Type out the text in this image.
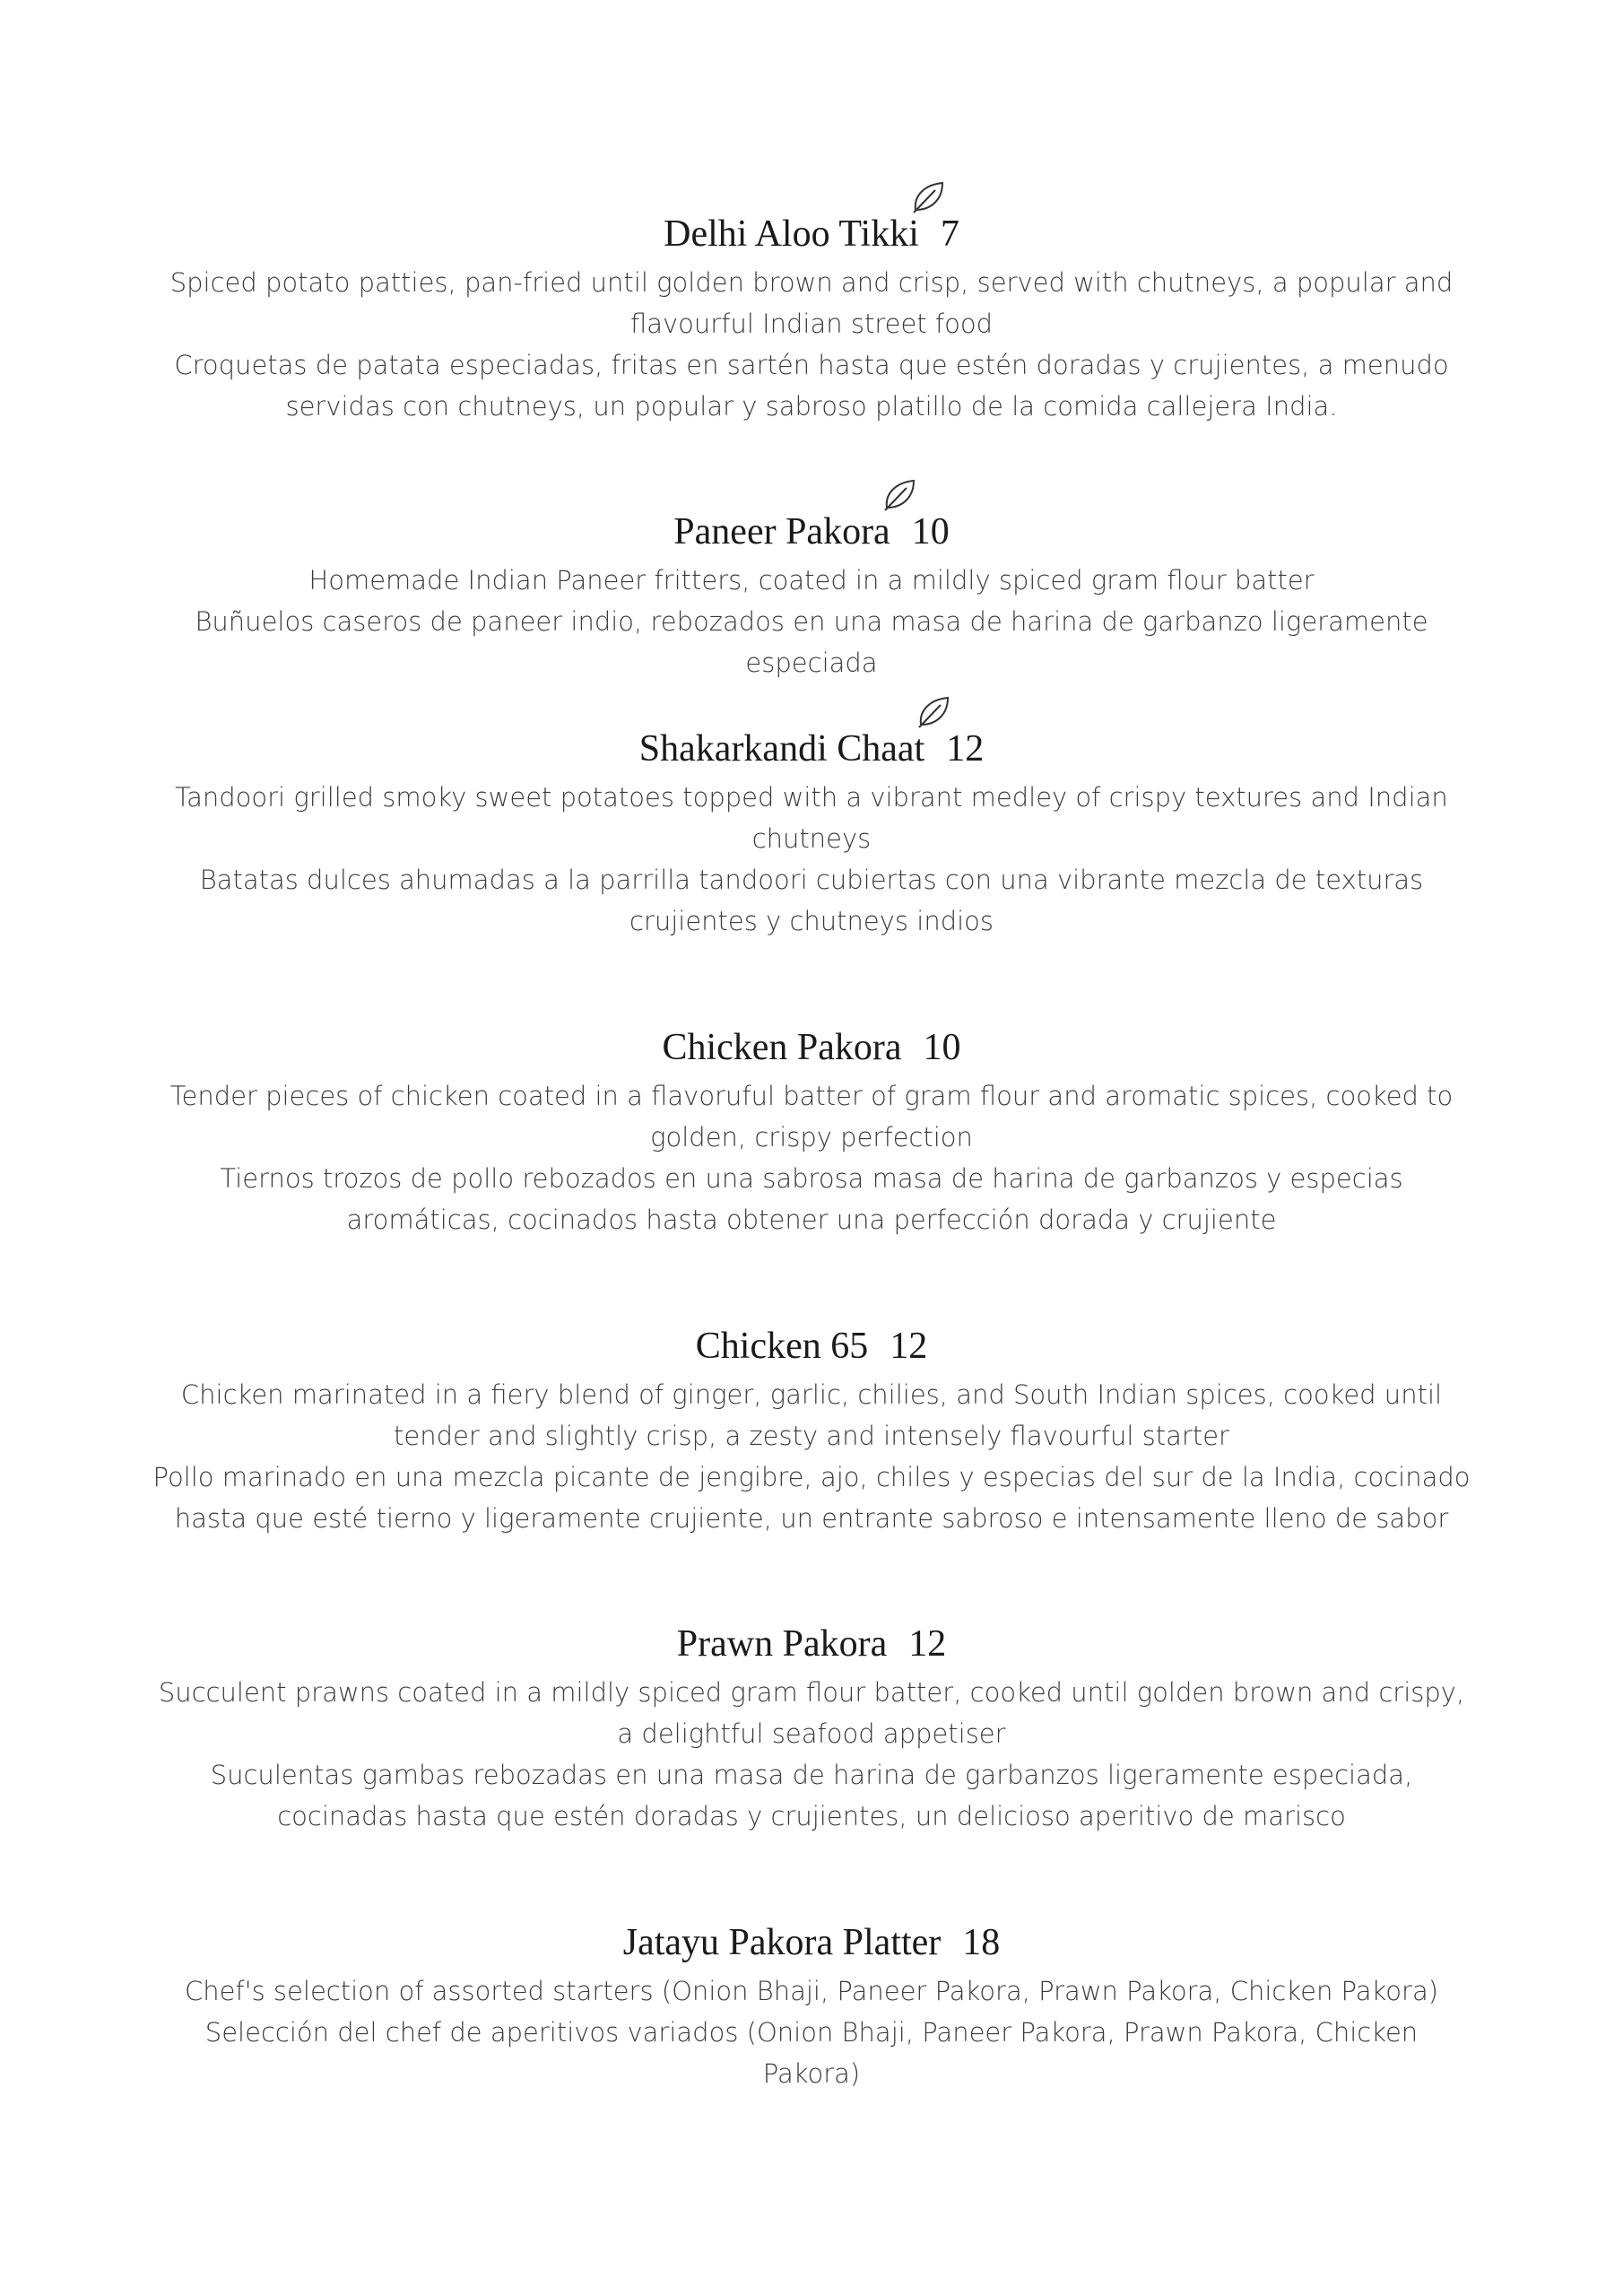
Delhi Aloo Tikki 7

Spiced potato patties, pan-fried until golden brown and crisp, served with chutneys, a popular and flavourful Indian street food

Croquetas de patata especiadas, fritas en sartén hasta que estén doradas y crujientes, a menudo servidas con chutneys, un popular y sabroso platillo de la comida callejera India.

Paneer Pakora 10

Homemade Indian Paneer fritters, coated in a mildly spiced gram flour batter

Buñuelos caseros de paneer indio, rebozados en una masa de harina de garbanzo ligeramente especiada

Shakarkandi Chaat 12

Tandoori grilled smoky sweet potatoes topped with a vibrant medley of crispy textures and Indian chutneys

Batatas dulces ahumadas a la parrilla tandoori cubiertas con una vibrante mezcla de texturas crujientes y chutneys indios

Chicken Pakora 10

Tender pieces of chicken coated in a flavoruful batter of gram flour and aromatic spices, cooked to golden, crispy perfection

Tiernos trozos de pollo rebozados en una sabrosa masa de harina de garbanzos y especias aromáticas, cocinados hasta obtener una perfección dorada y crujiente

Chicken 65 12

Chicken marinated in a fiery blend of ginger, garlic, chilies, and South Indian spices, cooked until tender and slightly crisp, a zesty and intensely flavourful starter

Pollo marinado en una mezcla picante de jengibre, ajo, chiles y especias del sur de la India, cocinado hasta que esté tierno y ligeramente crujiente, un entrante sabroso e intensamente lleno de sabor

Prawn Pakora 12

Succulent prawns coated in a mildly spiced gram flour batter, cooked until golden brown and crispy, a delightful seafood appetiser

Suculentas gambas rebozadas en una masa de harina de garbanzos ligeramente especiada, cocinadas hasta que estén doradas y crujientes, un delicioso aperitivo de marisco

Jatayu Pakora Platter 18

Chef's selection of assorted starters (Onion Bhaji, Paneer Pakora, Prawn Pakora, Chicken Pakora)

Selección del chef de aperitivos variados (Onion Bhaji, Paneer Pakora, Prawn Pakora, Chicken Pakora)
